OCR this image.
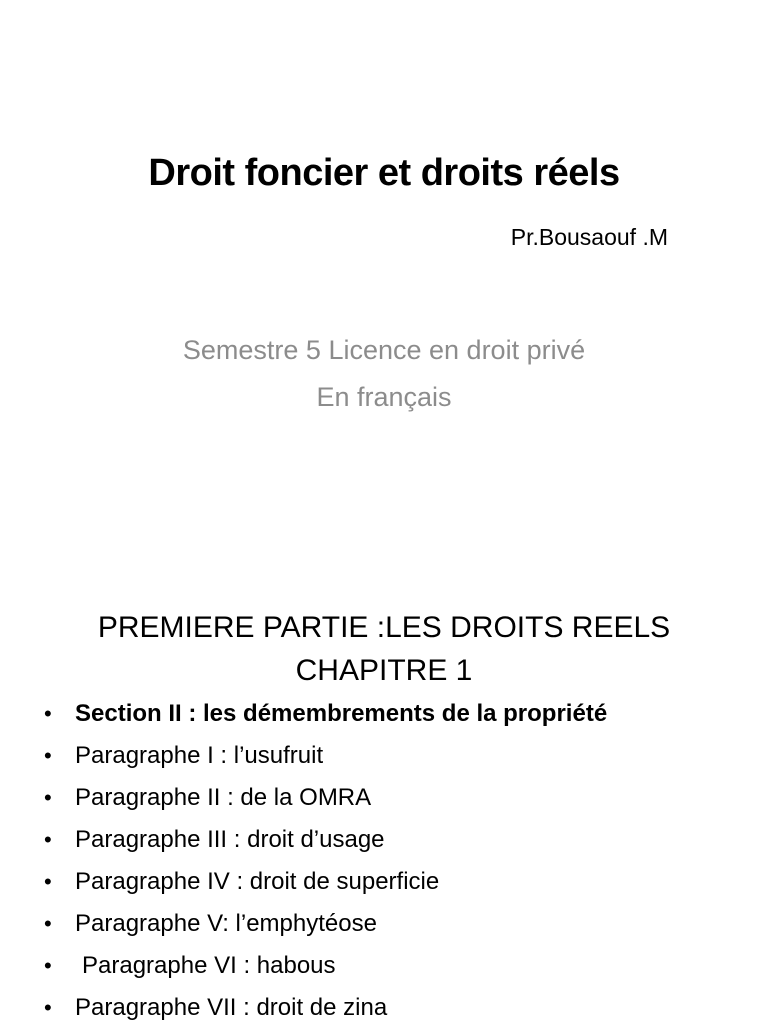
Droit foncier et droits réels
Pr.Bousaouf .M
Semestre 5 Licence en droit privé
En français
PREMIERE PARTIE :LES DROITS REELS
CHAPITRE 1
• Section II : les démembrements de la propriété
• Paragraphe I : l’usufruit
• Paragraphe II : de la OMRA
• Paragraphe III : droit d’usage
• Paragraphe IV : droit de superficie
• Paragraphe V: l’emphytéose
• Paragraphe VI : habous
• Paragraphe VII : droit de zina
